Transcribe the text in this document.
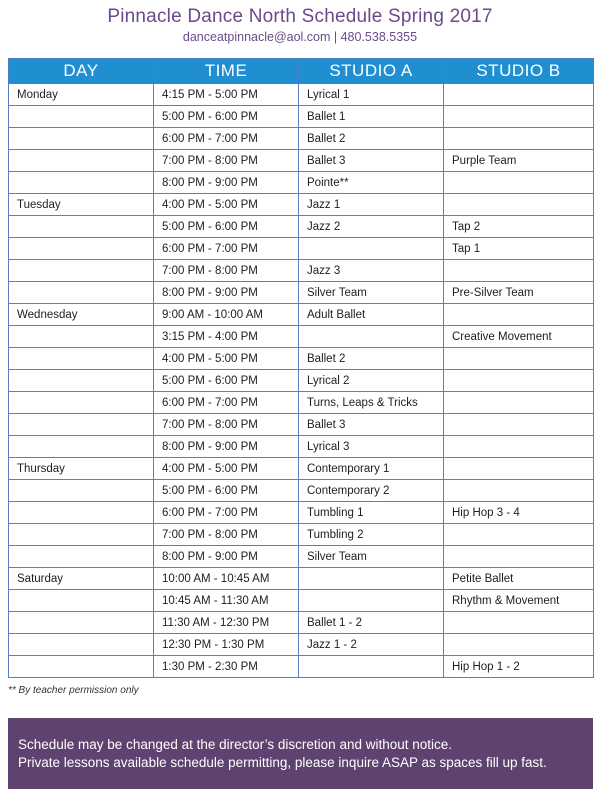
Pinnacle Dance North Schedule Spring 2017
danceatpinnacle@aol.com | 480.538.5355
DAY	TIME	STUDIO A	STUDIO B
Monday	4:15 PM - 5:00 PM	Lyrical 1	
	5:00 PM - 6:00 PM	Ballet 1	
	6:00 PM - 7:00 PM	Ballet 2	
	7:00 PM - 8:00 PM	Ballet 3	Purple Team
	8:00 PM - 9:00 PM	Pointe**	
Tuesday	4:00 PM - 5:00 PM	Jazz 1	
	5:00 PM - 6:00 PM	Jazz 2	Tap 2
	6:00 PM - 7:00 PM		Tap 1
	7:00 PM - 8:00 PM	Jazz 3	
	8:00 PM - 9:00 PM	Silver Team	Pre-Silver Team
Wednesday	9:00 AM - 10:00 AM	Adult Ballet	
	3:15 PM - 4:00 PM		Creative Movement
	4:00 PM - 5:00 PM	Ballet 2	
	5:00 PM - 6:00 PM	Lyrical 2	
	6:00 PM - 7:00 PM	Turns, Leaps & Tricks	
	7:00 PM - 8:00 PM	Ballet 3	
	8:00 PM - 9:00 PM	Lyrical 3	
Thursday	4:00 PM - 5:00 PM	Contemporary 1	
	5:00 PM - 6:00 PM	Contemporary 2	
	6:00 PM - 7:00 PM	Tumbling 1	Hip Hop 3 - 4
	7:00 PM - 8:00 PM	Tumbling 2	
	8:00 PM - 9:00 PM	Silver Team	
Saturday	10:00 AM - 10:45 AM		Petite Ballet
	10:45 AM - 11:30 AM		Rhythm & Movement
	11:30 AM - 12:30 PM	Ballet 1 - 2	
	12:30 PM - 1:30 PM	Jazz 1 - 2	
	1:30 PM - 2:30 PM		Hip Hop 1 - 2
** By teacher permission only
Schedule may be changed at the director’s discretion and without notice.
Private lessons available schedule permitting, please inquire ASAP as spaces fill up fast.
